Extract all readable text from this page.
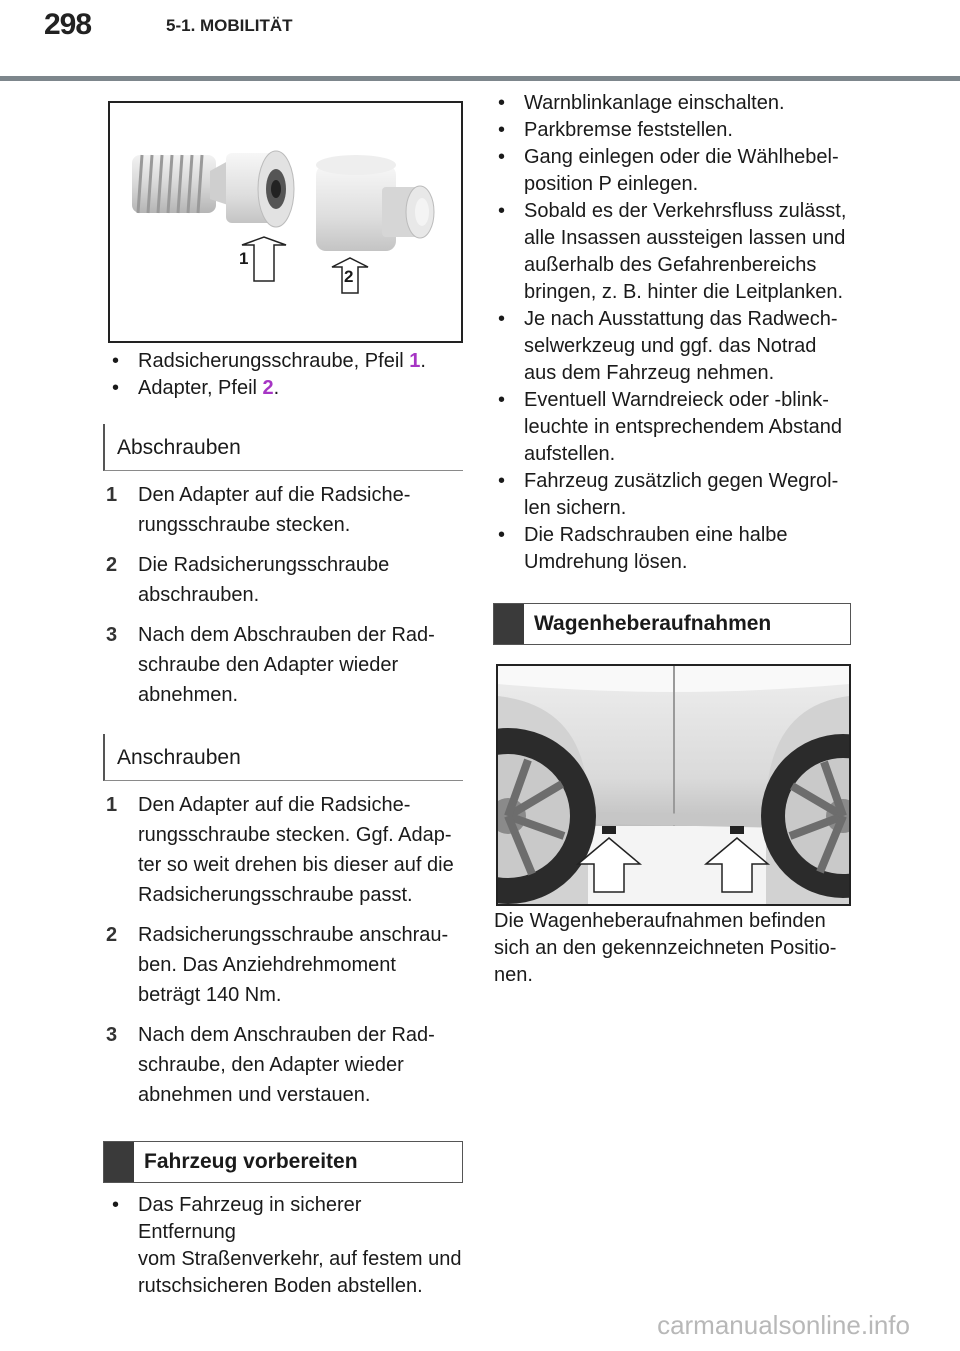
298	5-1. MOBILITÄT
1
2
• Radsicherungsschraube, Pfeil 1.
• Adapter, Pfeil 2.
Abschrauben
1	Den Adapter auf die Radsiche-
rungsschraube stecken.
2	Die Radsicherungsschraube
abschrauben.
3	Nach dem Abschrauben der Rad-
schraube den Adapter wieder
abnehmen.
Anschrauben
1	Den Adapter auf die Radsiche-
rungsschraube stecken. Ggf. Adap-
ter so weit drehen bis dieser auf die
Radsicherungsschraube passt.
2	Radsicherungsschraube anschrau-
ben. Das Anziehdrehmoment
beträgt 140 Nm.
3	Nach dem Anschrauben der Rad-
schraube, den Adapter wieder
abnehmen und verstauen.
Fahrzeug vorbereiten
• Das Fahrzeug in sicherer Entfernung
vom Straßenverkehr, auf festem und
rutschsicheren Boden abstellen.
• Warnblinkanlage einschalten.
• Parkbremse feststellen.
• Gang einlegen oder die Wählhebel-
position P einlegen.
• Sobald es der Verkehrsfluss zulässt,
alle Insassen aussteigen lassen und
außerhalb des Gefahrenbereichs
bringen, z. B. hinter die Leitplanken.
• Je nach Ausstattung das Radwech-
selwerkzeug und ggf. das Notrad
aus dem Fahrzeug nehmen.
• Eventuell Warndreieck oder -blink-
leuchte in entsprechendem Abstand
aufstellen.
• Fahrzeug zusätzlich gegen Wegrol-
len sichern.
• Die Radschrauben eine halbe
Umdrehung lösen.
Wagenheberaufnahmen
Die Wagenheberaufnahmen befinden
sich an den gekennzeichneten Positio-
nen.
carmanualsonline.info
